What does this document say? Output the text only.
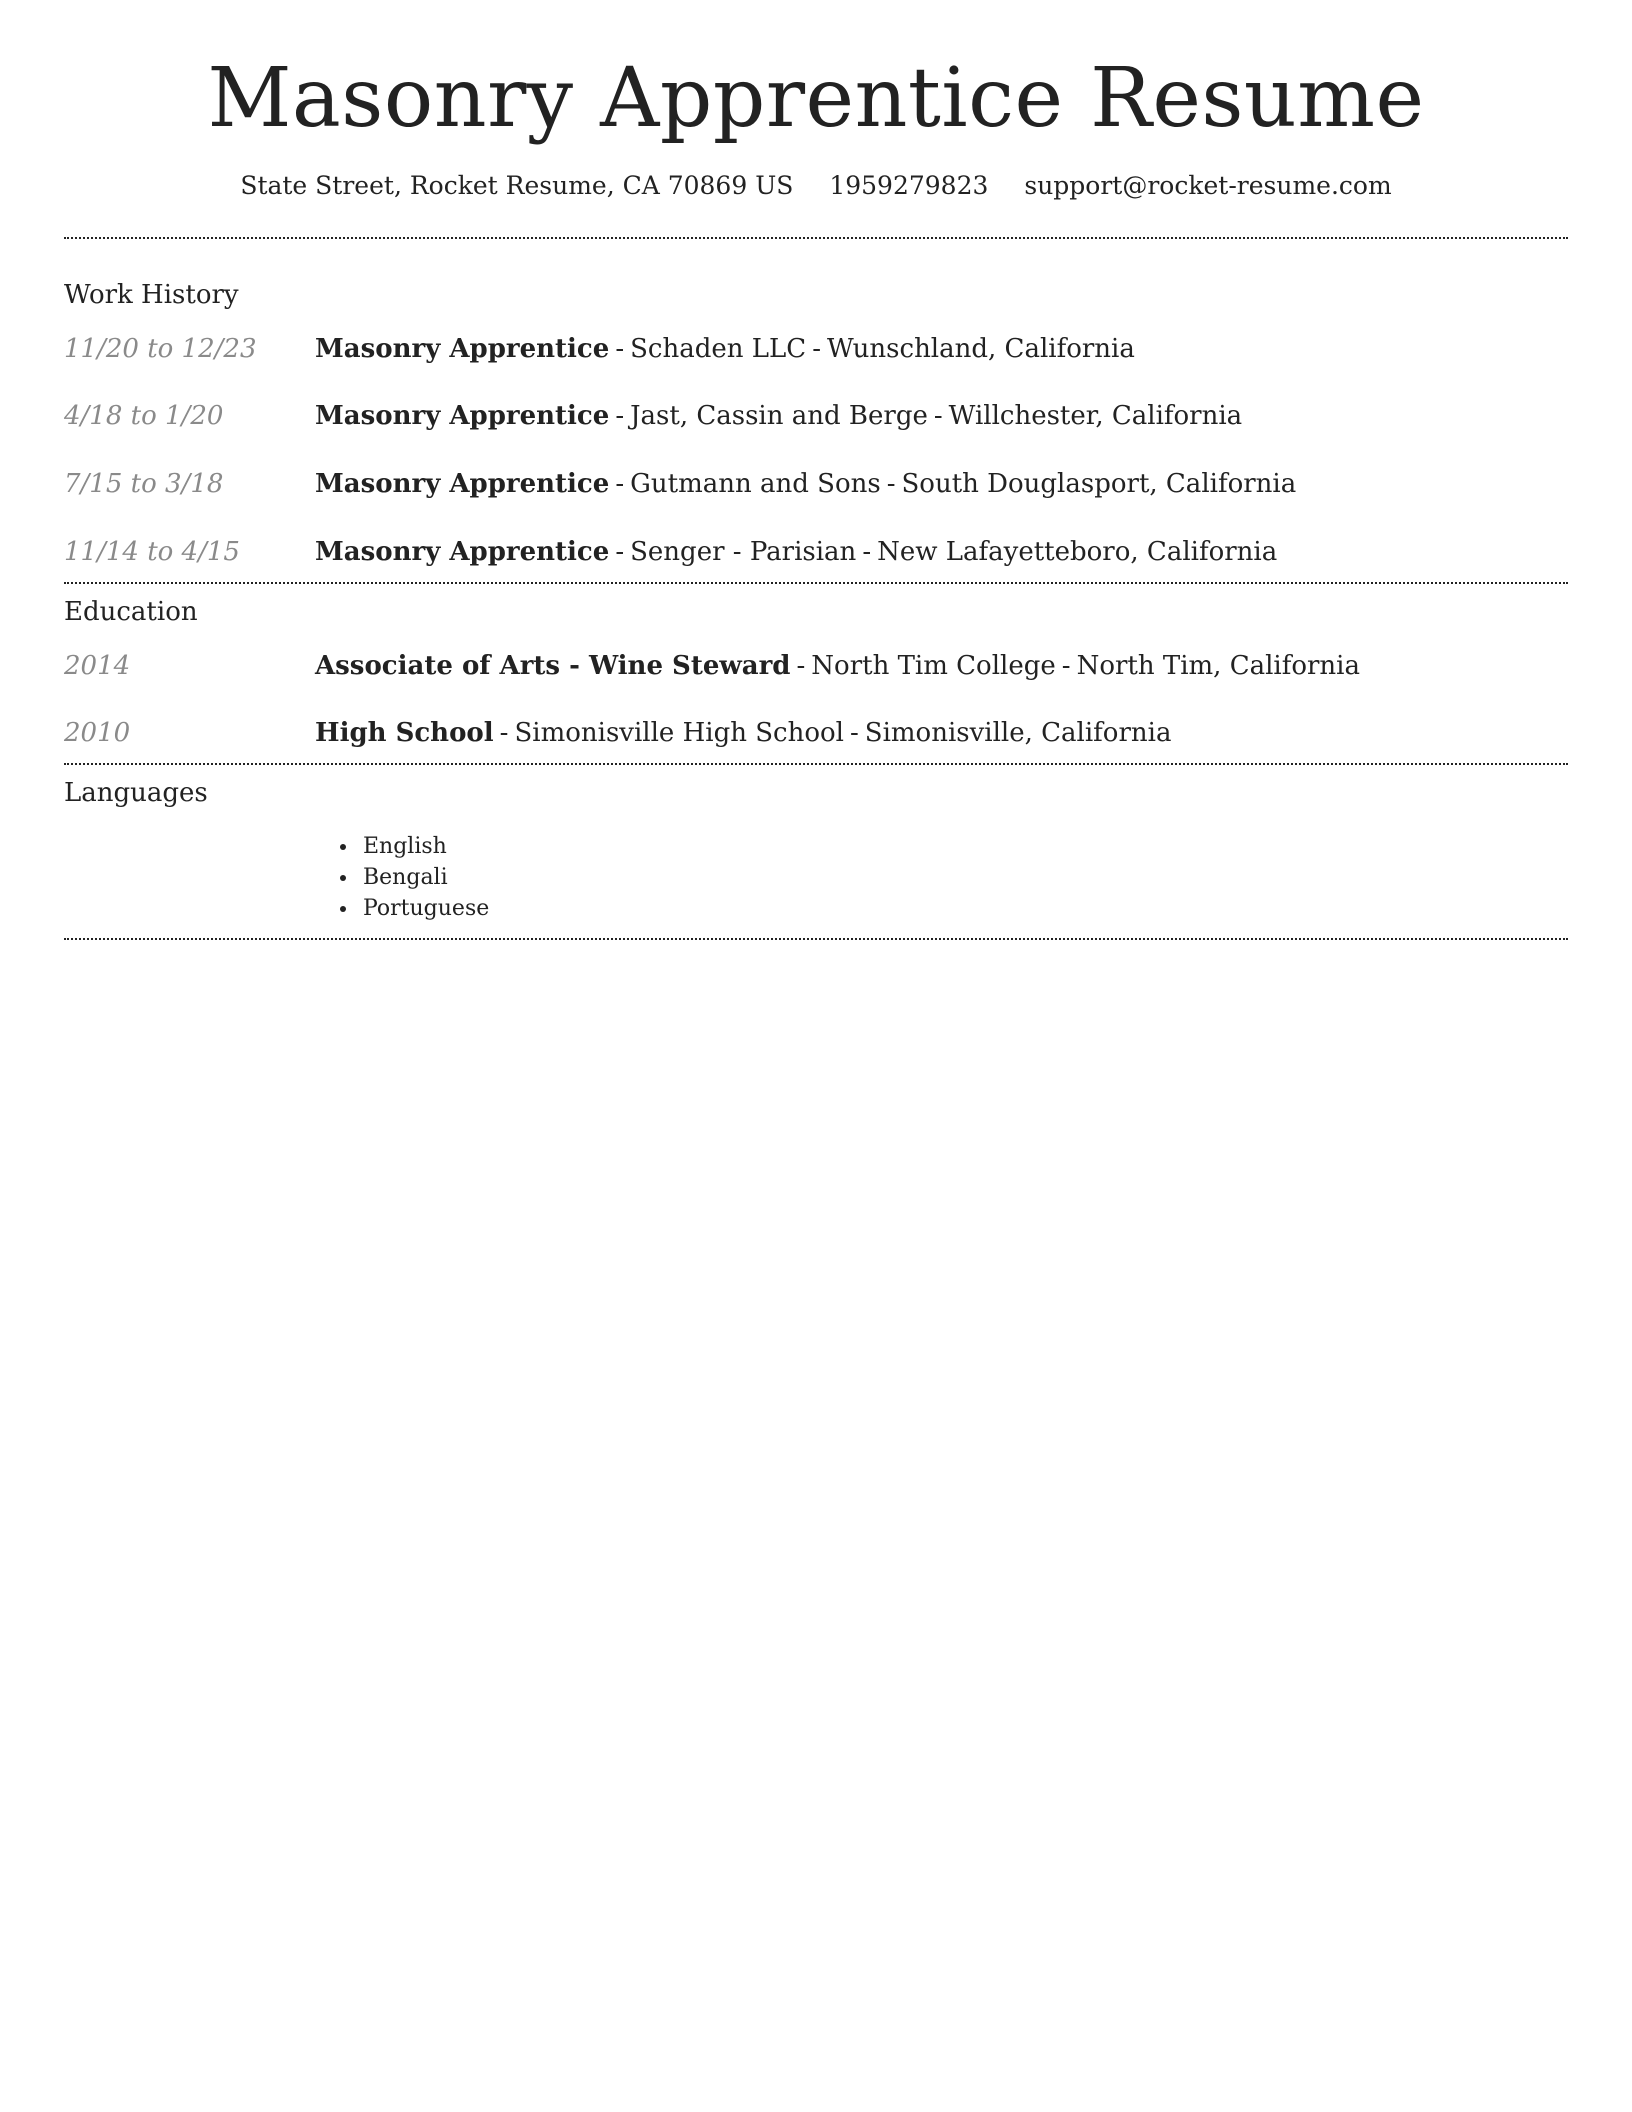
Masonry Apprentice Resume
State Street, Rocket Resume, CA 70869 US 1959279823 support@rocket-resume.com
Work History
11/20 to 12/23	Masonry Apprentice - Schaden LLC - Wunschland, California
4/18 to 1/20	Masonry Apprentice - Jast, Cassin and Berge - Willchester, California
7/15 to 3/18	Masonry Apprentice - Gutmann and Sons - South Douglasport, California
11/14 to 4/15	Masonry Apprentice - Senger - Parisian - New Lafayetteboro, California
Education
2014	Associate of Arts - Wine Steward - North Tim College - North Tim, California
2010	High School - Simonisville High School - Simonisville, California
Languages
• English
• Bengali
• Portuguese
